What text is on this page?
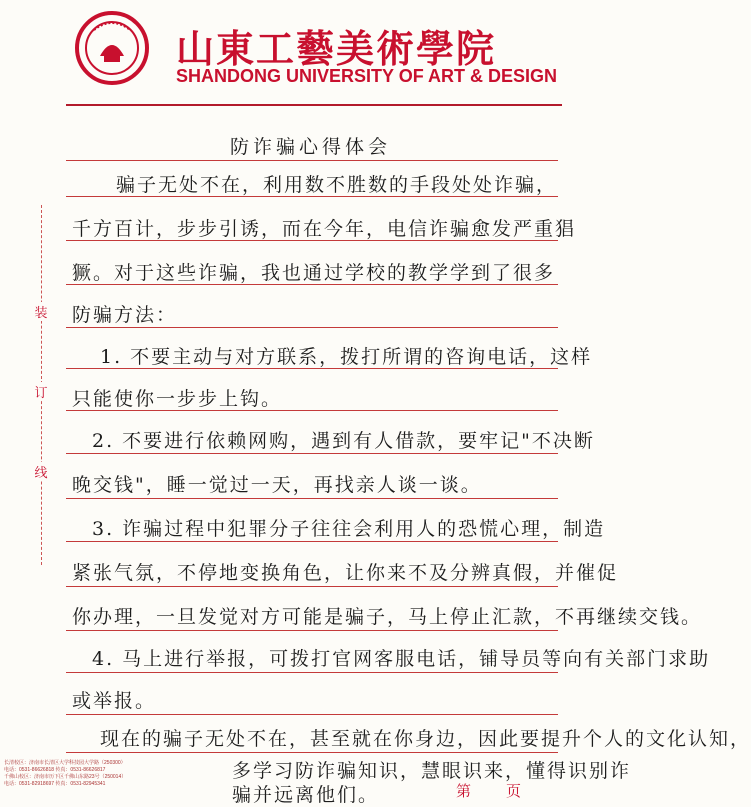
山東工藝美術學院
SHANDONG UNIVERSITY OF ART & DESIGN
装
订
线
防诈骗心得体会
骗子无处不在，利用数不胜数的手段处处诈骗，
千方百计，步步引诱，而在今年，电信诈骗愈发严重猖
獗。对于这些诈骗，我也通过学校的教学学到了很多
防骗方法：
1. 不要主动与对方联系，拨打所谓的咨询电话，这样
只能使你一步步上钩。
2. 不要进行依赖网购，遇到有人借款，要牢记"不决断
晚交钱"，睡一觉过一天，再找亲人谈一谈。
3. 诈骗过程中犯罪分子往往会利用人的恐慌心理，制造
紧张气氛，不停地变换角色，让你来不及分辨真假，并催促
你办理，一旦发觉对方可能是骗子，马上停止汇款，不再继续交钱。
4. 马上进行举报，可拨打官网客服电话，铺导员等向有关部门求助
或举报。
现在的骗子无处不在，甚至就在你身边，因此要提升个人的文化认知，
多学习防诈骗知识，慧眼识来，懂得识别诈
骗并远离他们。
长清校区：济南市长清区大学科技园大学路（250300）
电话：0531-86626818 传真：0531-86626817
千佛山校区：济南市历下区千佛山东路23号（250014）
电话：0531-82918697 传真：0531-82945341	第 页
